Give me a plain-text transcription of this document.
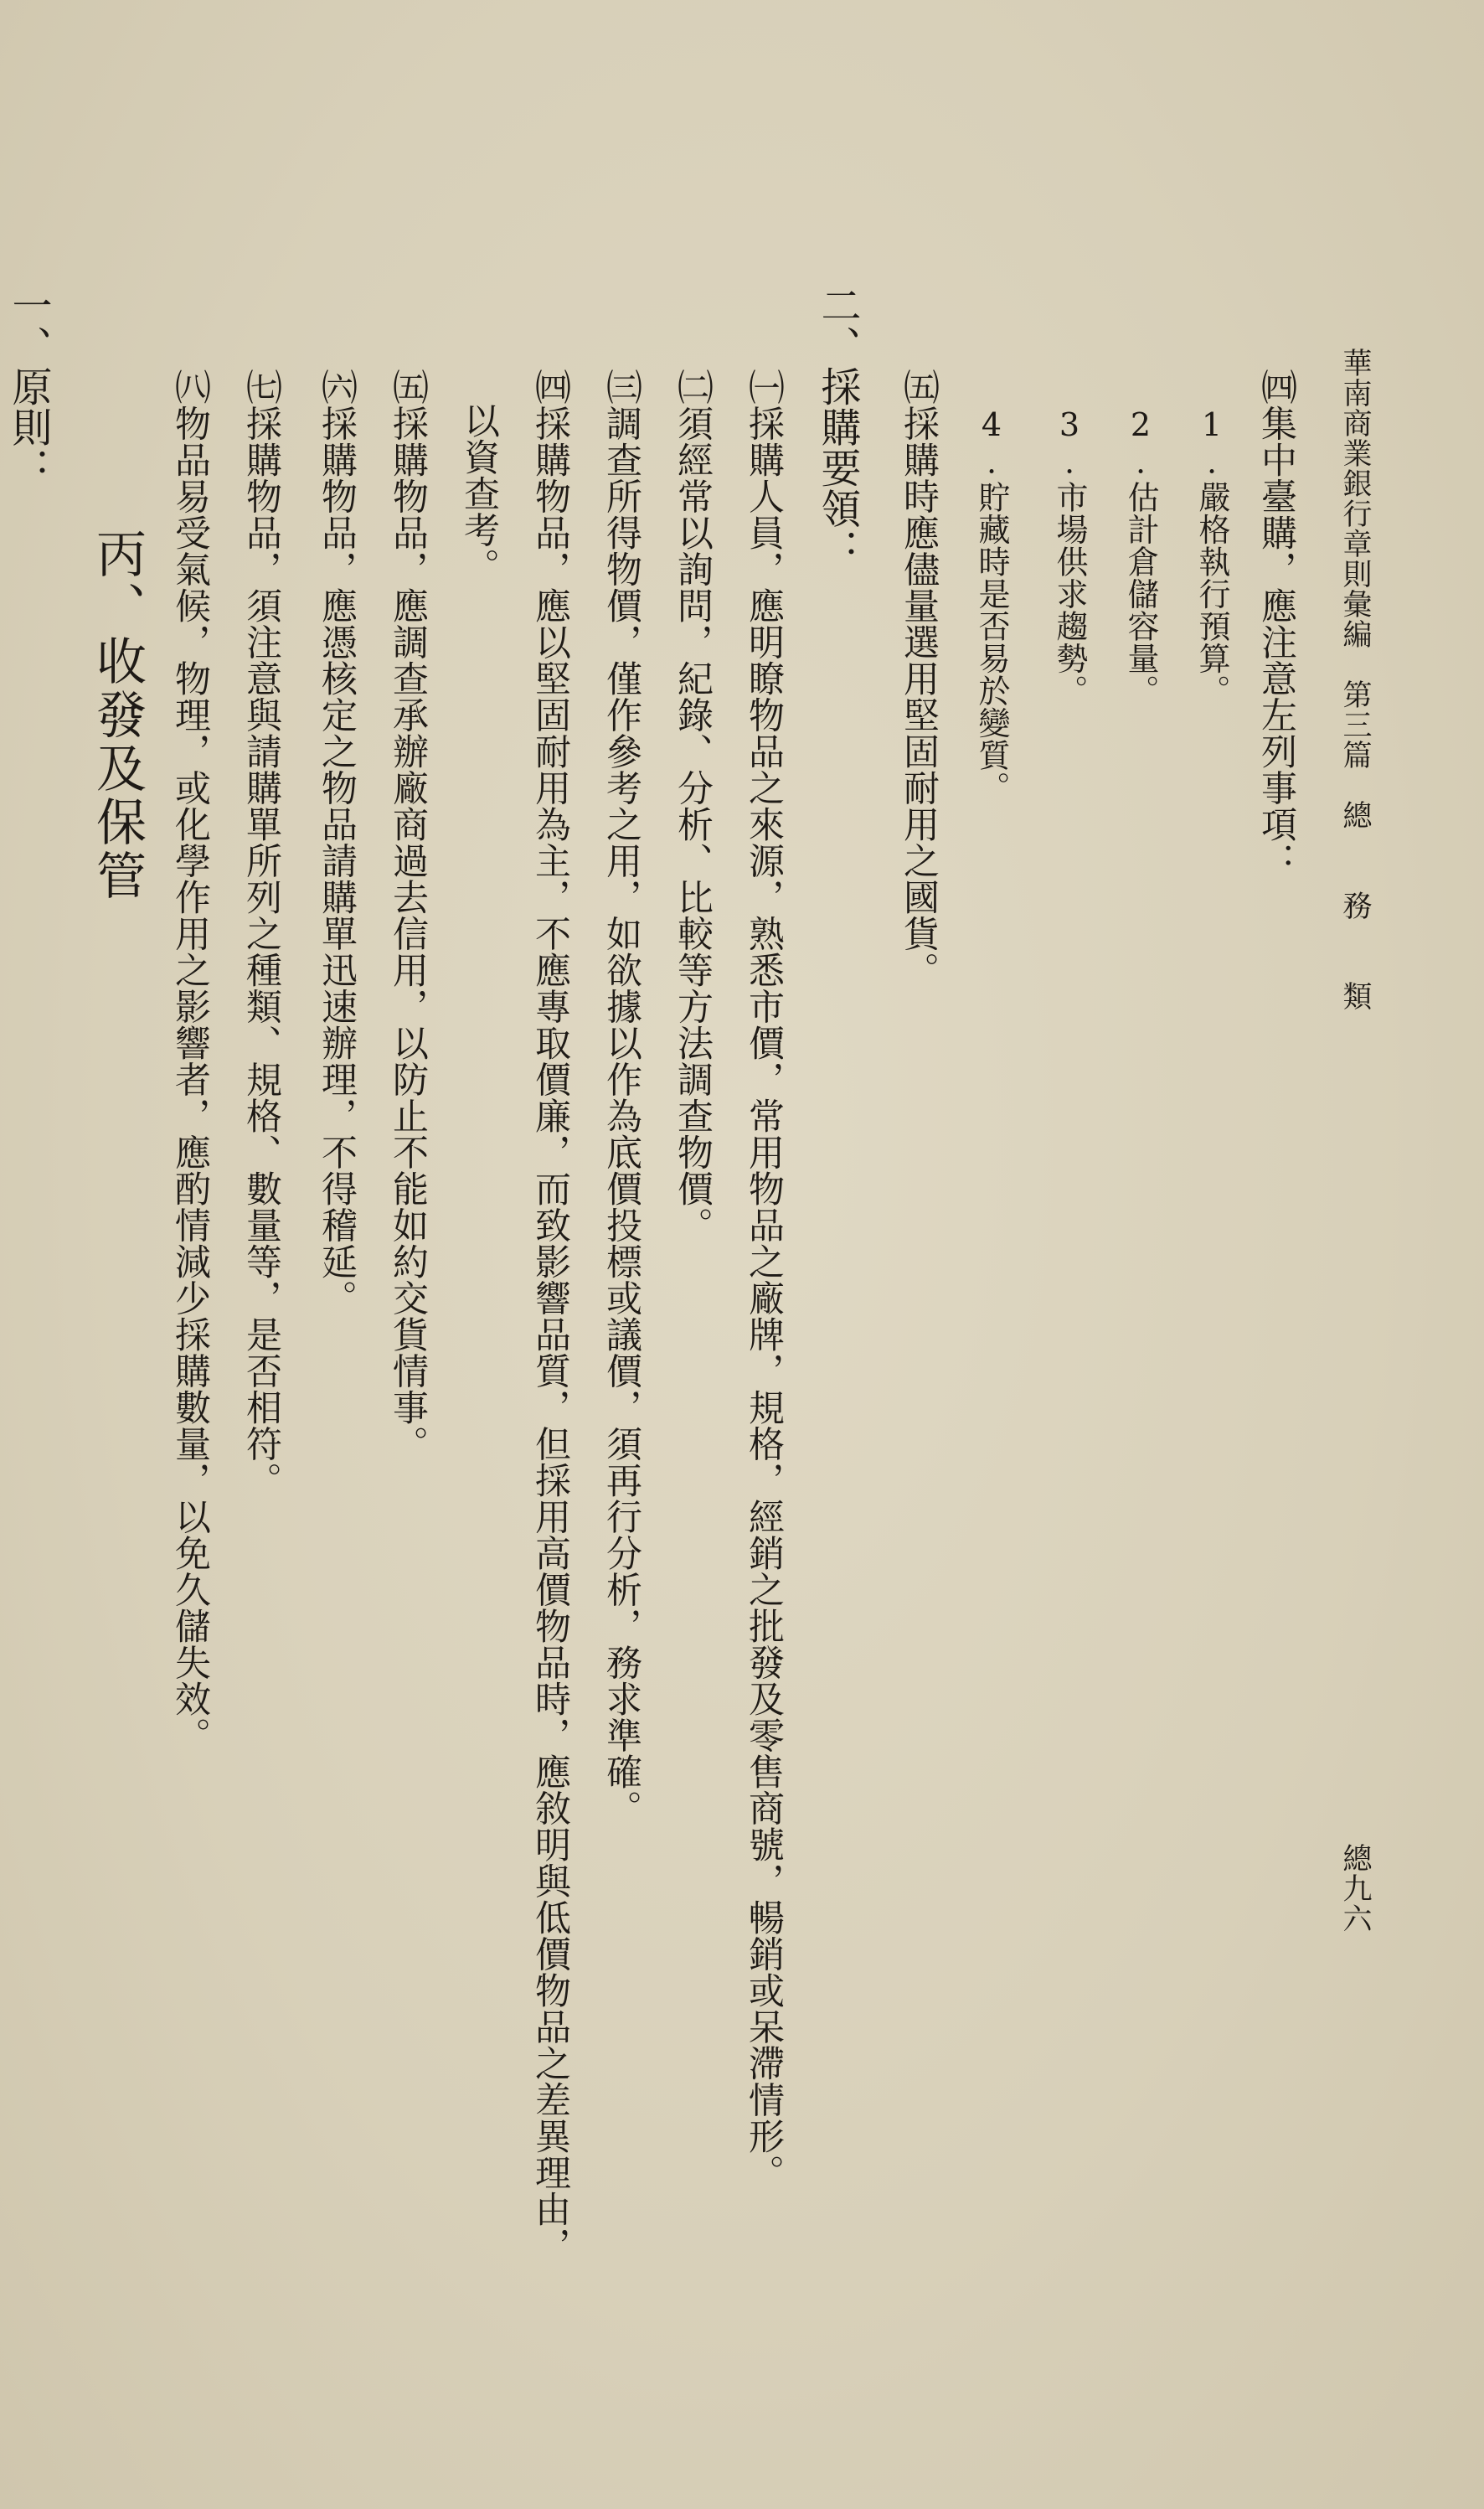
華南商業銀行章則彙編　第三篇　總　　務　　類
總九六
㈣集中臺購，應注意左列事項：
1.嚴格執行預算。
2.估計倉儲容量。
3.市場供求趨勢。
4.貯藏時是否易於變質。
㈤採購時應儘量選用堅固耐用之國貨。
二、採購要領：
㈠採購人員，應明瞭物品之來源，熟悉市價，常用物品之廠牌，規格，經銷之批發及零售商號，暢銷或呆滯情形。
㈡須經常以詢問，紀錄、分析、比較等方法調查物價。
㈢調查所得物價，僅作參考之用，如欲據以作為底價投標或議價，須再行分析，務求準確。
㈣採購物品，應以堅固耐用為主，不應專取價廉，而致影響品質，但採用高價物品時，應敘明與低價物品之差異理由，
以資查考。
㈤採購物品，應調查承辦廠商過去信用，以防止不能如約交貨情事。
㈥採購物品，應憑核定之物品請購單迅速辦理，不得稽延。
㈦採購物品，須注意與請購單所列之種類、規格、數量等，是否相符。
㈧物品易受氣候，物理，或化學作用之影響者，應酌情減少採購數量，以免久儲失效。
丙、收發及保管
一、原則：
